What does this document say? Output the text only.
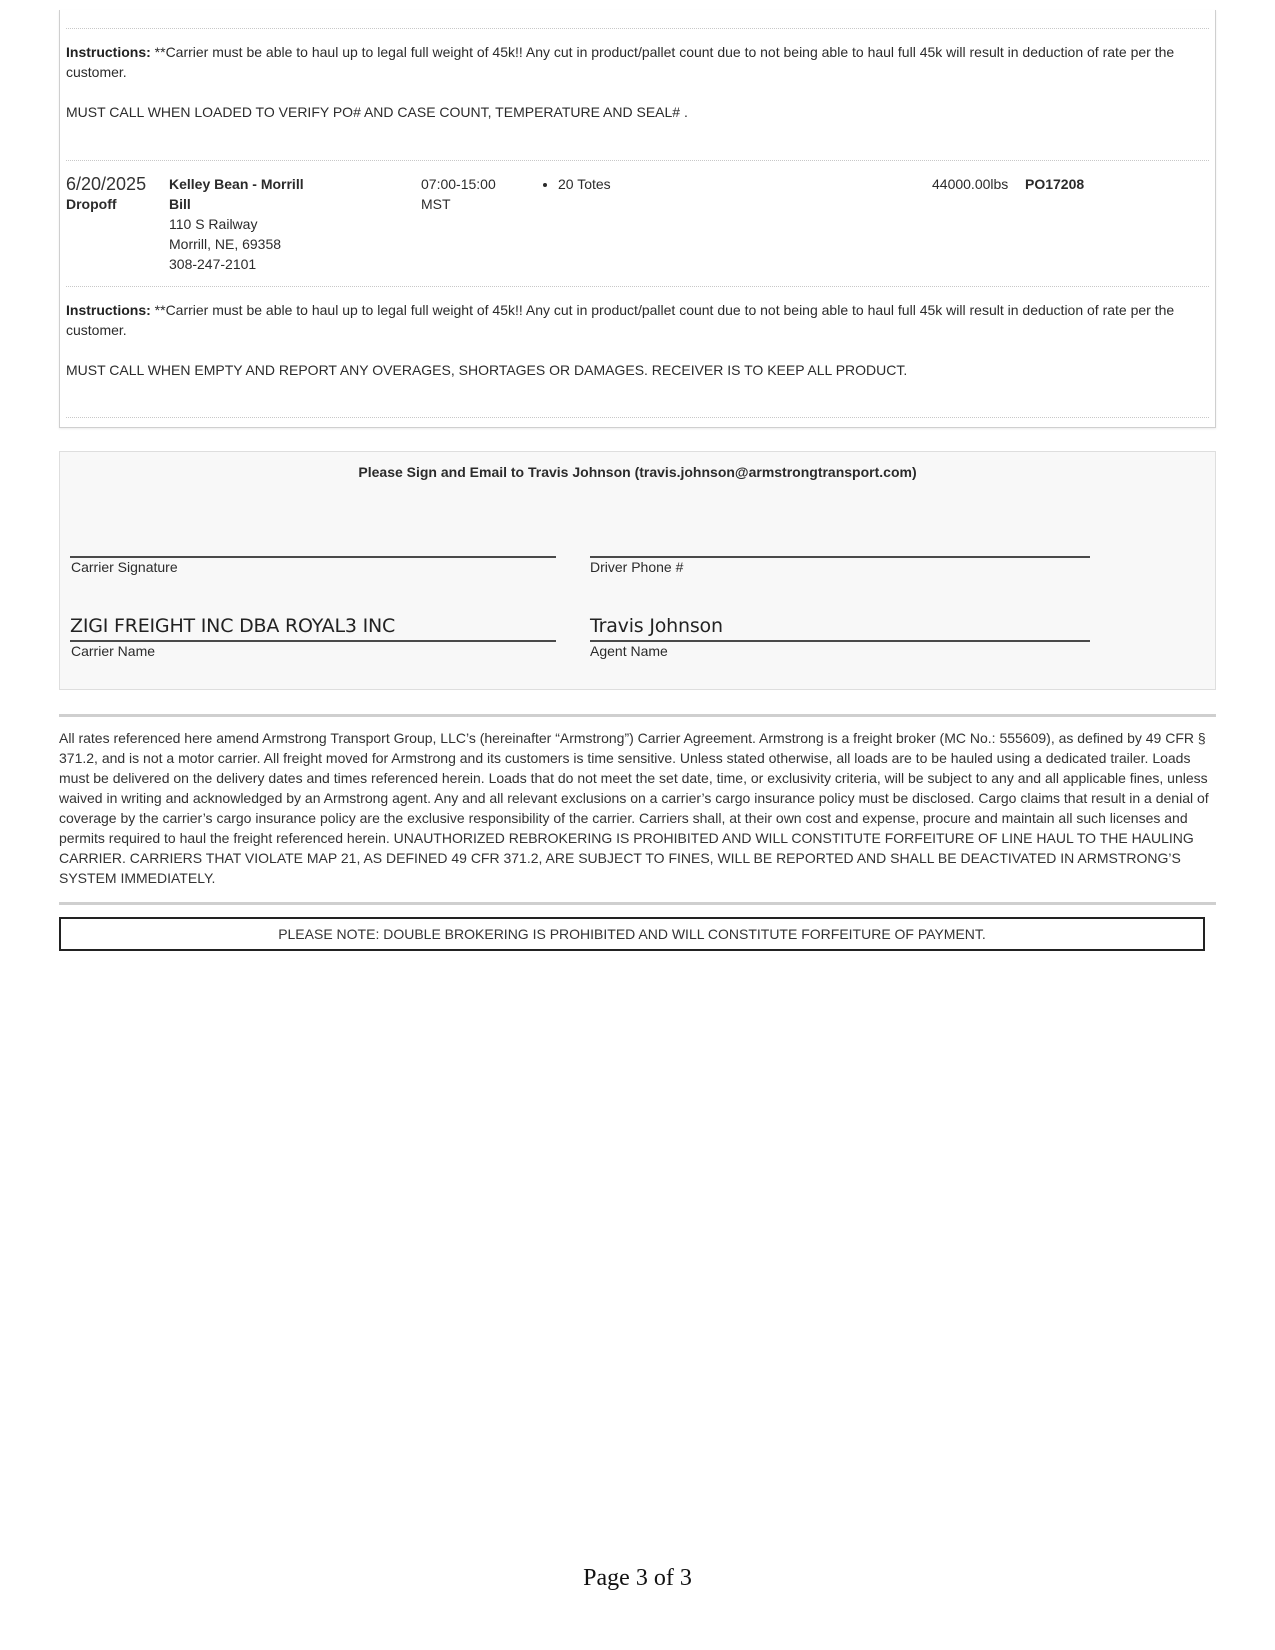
Instructions: **Carrier must be able to haul up to legal full weight of 45k!! Any cut in product/pallet count due to not being able to haul full 45k will result in deduction of rate per the customer.
MUST CALL WHEN LOADED TO VERIFY PO# AND CASE COUNT, TEMPERATURE AND SEAL# .
6/20/2025
Dropoff
Kelley Bean - Morrill
Bill
110 S Railway
Morrill, NE, 69358
308-247-2101
07:00-15:00
MST
• 20 Totes	44000.00lbs PO17208
Instructions: **Carrier must be able to haul up to legal full weight of 45k!! Any cut in product/pallet count due to not being able to haul full 45k will result in deduction of rate per the customer.
MUST CALL WHEN EMPTY AND REPORT ANY OVERAGES, SHORTAGES OR DAMAGES. RECEIVER IS TO KEEP ALL PRODUCT.
Please Sign and Email to Travis Johnson (travis.johnson@armstrongtransport.com)
Carrier Signature	Driver Phone #
ZIGI FREIGHT INC DBA ROYAL3 INC
Carrier Name
Travis Johnson
Agent Name

All rates referenced here amend Armstrong Transport Group, LLC’s (hereinafter “Armstrong”) Carrier Agreement. Armstrong is a freight broker (MC No.: 555609), as defined by 49 CFR § 371.2, and is not a motor carrier. All freight moved for Armstrong and its customers is time sensitive. Unless stated otherwise, all loads are to be hauled using a dedicated trailer. Loads must be delivered on the delivery dates and times referenced herein. Loads that do not meet the set date, time, or exclusivity criteria, will be subject to any and all applicable fines, unless waived in writing and acknowledged by an Armstrong agent. Any and all relevant exclusions on a carrier’s cargo insurance policy must be disclosed. Cargo claims that result in a denial of coverage by the carrier’s cargo insurance policy are the exclusive responsibility of the carrier. Carriers shall, at their own cost and expense, procure and maintain all such licenses and permits required to haul the freight referenced herein. UNAUTHORIZED REBROKERING IS PROHIBITED AND WILL CONSTITUTE FORFEITURE OF LINE HAUL TO THE HAULING CARRIER. CARRIERS THAT VIOLATE MAP 21, AS DEFINED 49 CFR 371.2, ARE SUBJECT TO FINES, WILL BE REPORTED AND SHALL BE DEACTIVATED IN ARMSTRONG’S SYSTEM IMMEDIATELY.

PLEASE NOTE: DOUBLE BROKERING IS PROHIBITED AND WILL CONSTITUTE FORFEITURE OF PAYMENT.
Page 3 of 3
